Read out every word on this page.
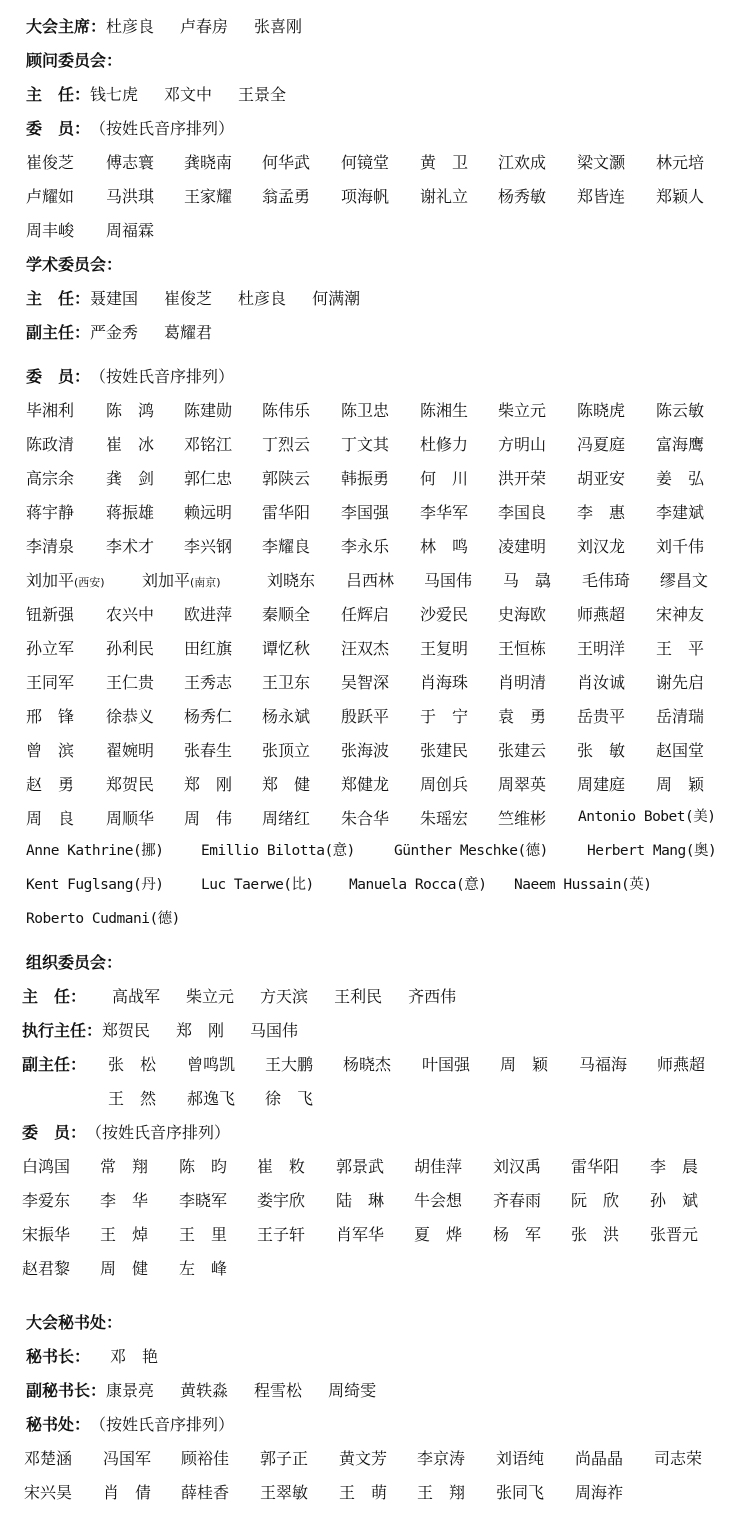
大会主席：杜彦良 卢春房 张喜刚
顾问委员会：
主　任：钱七虎 邓文中 王景全
委　员：（按姓氏音序排列）
崔俊芝 傅志寰 龚晓南 何华武 何镜堂 黄　卫 江欢成 梁文灏 林元培
卢耀如 马洪琪 王家耀 翁孟勇 项海帆 谢礼立 杨秀敏 郑皆连 郑颖人
周丰峻 周福霖
学术委员会：
主　任：聂建国 崔俊芝 杜彦良 何满潮
副主任：严金秀 葛耀君
委　员：（按姓氏音序排列）
毕湘利 陈　鸿 陈建勋 陈伟乐 陈卫忠 陈湘生 柴立元 陈晓虎 陈云敏
陈政清 崔　冰 邓铭江 丁烈云 丁文其 杜修力 方明山 冯夏庭 富海鹰
高宗余 龚　剑 郭仁忠 郭陕云 韩振勇 何　川 洪开荣 胡亚安 姜　弘
蒋宇静 蒋振雄 赖远明 雷华阳 李国强 李华军 李国良 李　惠 李建斌
李清泉 李术才 李兴钢 李耀良 李永乐 林　鸣 凌建明 刘汉龙 刘千伟
刘加平(西安) 刘加平(南京)	刘晓东 吕西林 马国伟 马　骉 毛伟琦 缪昌文
钮新强 农兴中 欧进萍 秦顺全 任辉启 沙爱民 史海欧 师燕超 宋神友
孙立军 孙利民 田红旗 谭忆秋 汪双杰 王复明 王恒栋 王明洋 王　平
王同军 王仁贵 王秀志 王卫东 吴智深 肖海珠 肖明清 肖汝诚 谢先启
邢　锋 徐恭义 杨秀仁 杨永斌 殷跃平 于　宁 袁　勇 岳贵平 岳清瑞
曾　滨 翟婉明 张春生 张顶立 张海波 张建民 张建云 张　敏 赵国堂
赵　勇 郑贺民 郑　刚 郑　健 郑健龙 周创兵 周翠英 周建庭 周　颖
周　良 周顺华 周　伟 周绪红 朱合华 朱瑶宏 竺维彬 Antonio Bobet(美)
Anne Kathrine(挪)	Emillio Bilotta(意)	Günther Meschke(德)	Herbert Mang(奥)
Kent Fuglsang(丹)	Luc Taerwe(比) Manuela Rocca(意) Naeem Hussain(英)
Roberto Cudmani(德)
组织委员会：
主　任： 高战军 柴立元 方天滨 王利民 齐西伟
执行主任：郑贺民 郑　刚 马国伟
副主任： 张　松 曾鸣凯 王大鹏 杨晓杰 叶国强 周　颖 马福海 师燕超
王　然 郝逸飞 徐　飞
委　员：（按姓氏音序排列）
白鸿国 常　翔 陈　昀 崔　敉 郭景武 胡佳萍 刘汉禹 雷华阳 李　晨
李爱东 李　华 李晓军 娄宇欣 陆　琳 牛会想 齐春雨 阮　欣 孙　斌
宋振华 王　焯 王　里 王子轩 肖军华 夏　烨 杨　军 张　洪 张晋元
赵君黎 周　健 左　峰
大会秘书处：
秘书长： 邓　艳
副秘书长：康景亮 黄轶淼 程雪松 周绮雯
秘书处：（按姓氏音序排列）
邓楚涵 冯国军 顾裕佳 郭子正 黄文芳 李京涛 刘语纯 尚晶晶 司志荣
宋兴昊 肖　倩 薛桂香 王翠敏 王　萌 王　翔 张同飞 周海祚
